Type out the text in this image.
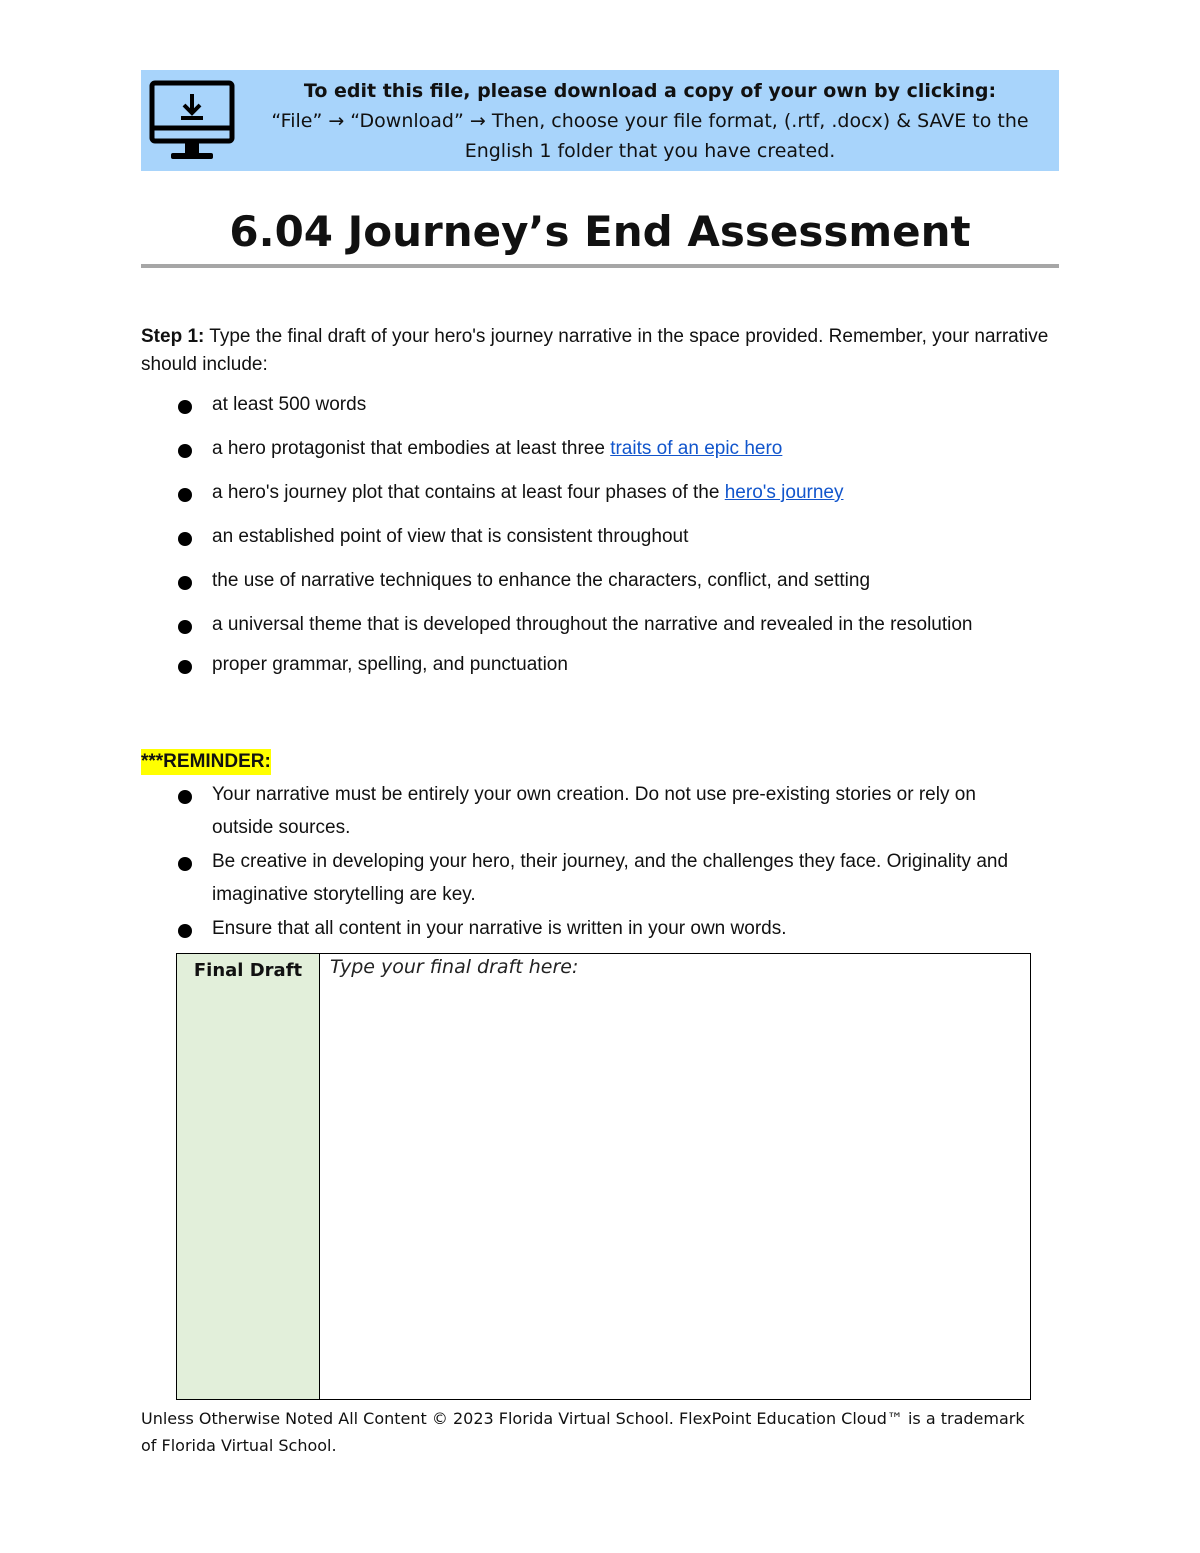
To edit this file, please download a copy of your own by clicking:
“File” → “Download” → Then, choose your file format, (.rtf, .docx) & SAVE to the
English 1 folder that you have created.
6.04 Journey’s End Assessment
Step 1: Type the final draft of your hero's journey narrative in the space provided. Remember, your narrative should include:
at least 500 words
a hero protagonist that embodies at least three traits of an epic hero
a hero's journey plot that contains at least four phases of the hero's journey
an established point of view that is consistent throughout
the use of narrative techniques to enhance the characters, conflict, and setting
a universal theme that is developed throughout the narrative and revealed in the resolution
proper grammar, spelling, and punctuation
***REMINDER:
Your narrative must be entirely your own creation. Do not use pre-existing stories or rely on outside sources.
Be creative in developing your hero, their journey, and the challenges they face. Originality and imaginative storytelling are key.
Ensure that all content in your narrative is written in your own words.
Final Draft
Type your final draft here:
Unless Otherwise Noted All Content © 2023 Florida Virtual School. FlexPoint Education Cloud™ is a trademark of Florida Virtual School.
